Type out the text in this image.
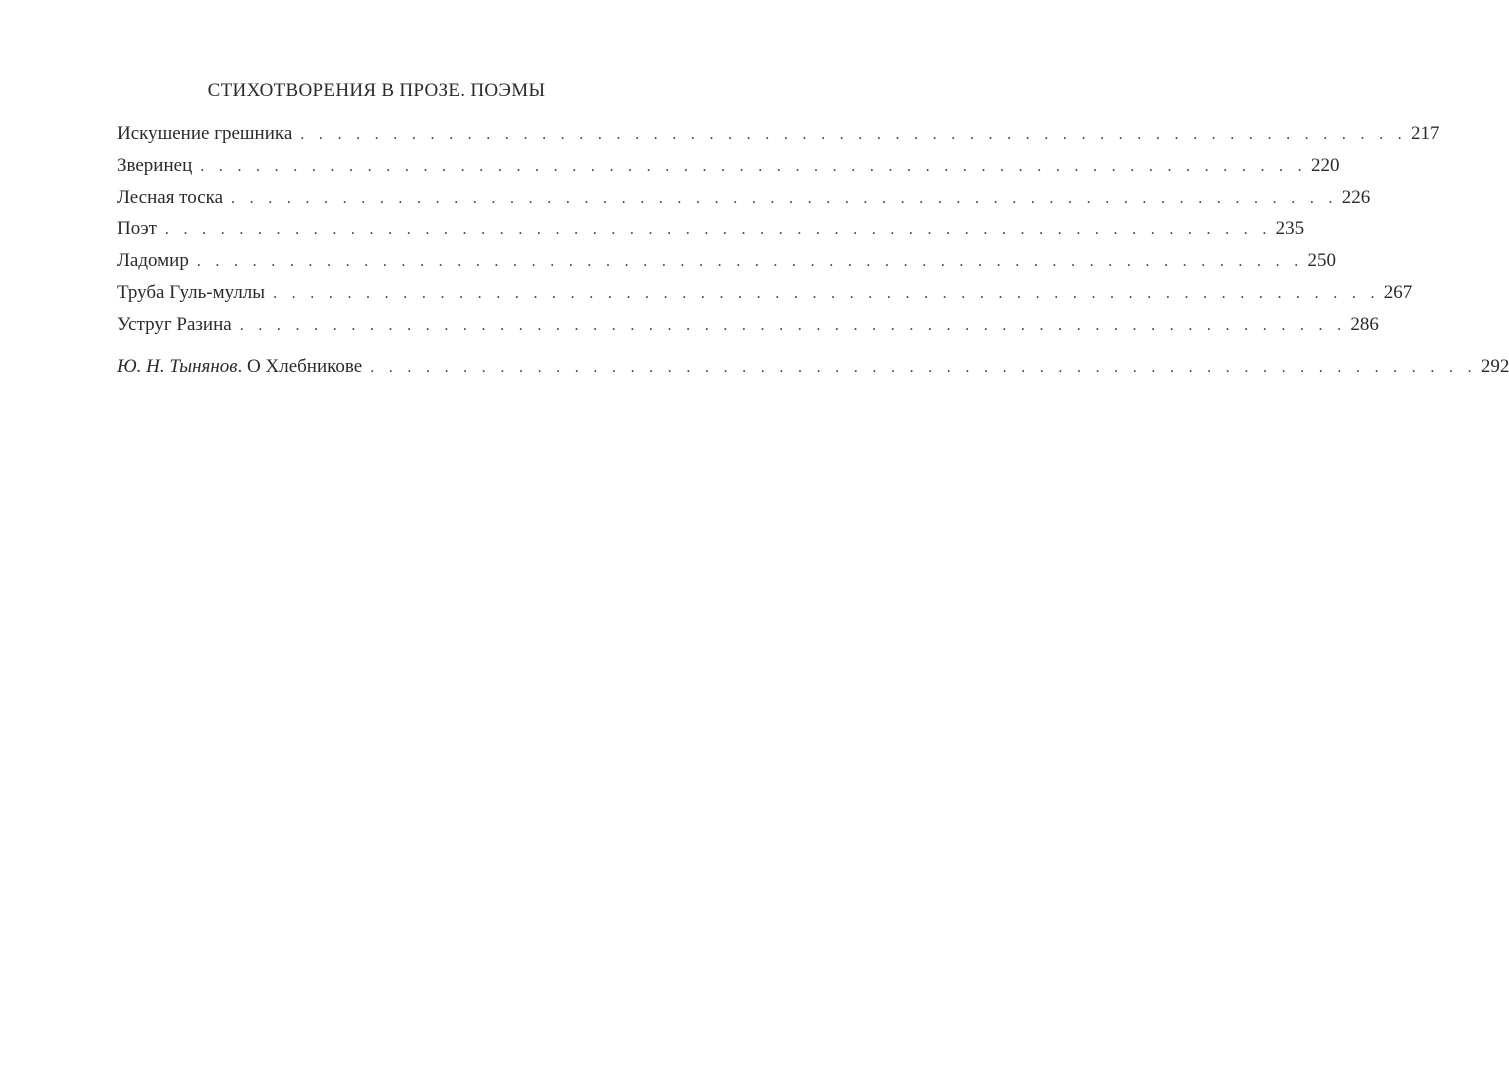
СТИХОТВОРЕНИЯ В ПРОЗЕ. ПОЭМЫ
Искушение грешника . . . . . . . . . . . . . . . . . . . . . . . . . . . . . . . . . . . . . . . . . . . . . . . . . . . . . . . . . . . . 217
Зверинец . . . . . . . . . . . . . . . . . . . . . . . . . . . . . . . . . . . . . . . . . . . . . . . . . . . . . . . . . . . . 220
Лесная тоска . . . . . . . . . . . . . . . . . . . . . . . . . . . . . . . . . . . . . . . . . . . . . . . . . . . . . . . . . . . . 226
Поэт . . . . . . . . . . . . . . . . . . . . . . . . . . . . . . . . . . . . . . . . . . . . . . . . . . . . . . . . . . . . 235
Ладомир . . . . . . . . . . . . . . . . . . . . . . . . . . . . . . . . . . . . . . . . . . . . . . . . . . . . . . . . . . . . 250
Труба Гуль-муллы . . . . . . . . . . . . . . . . . . . . . . . . . . . . . . . . . . . . . . . . . . . . . . . . . . . . . . . . . . . . 267
Уструг Разина . . . . . . . . . . . . . . . . . . . . . . . . . . . . . . . . . . . . . . . . . . . . . . . . . . . . . . . . . . . . 286
Ю. Н. Тынянов. О Хлебникове . . . . . . . . . . . . . . . . . . . . . . . . . . . . . . . . . . . . . . . . . . . . . . . . . . . . . . . . . . . . 292
